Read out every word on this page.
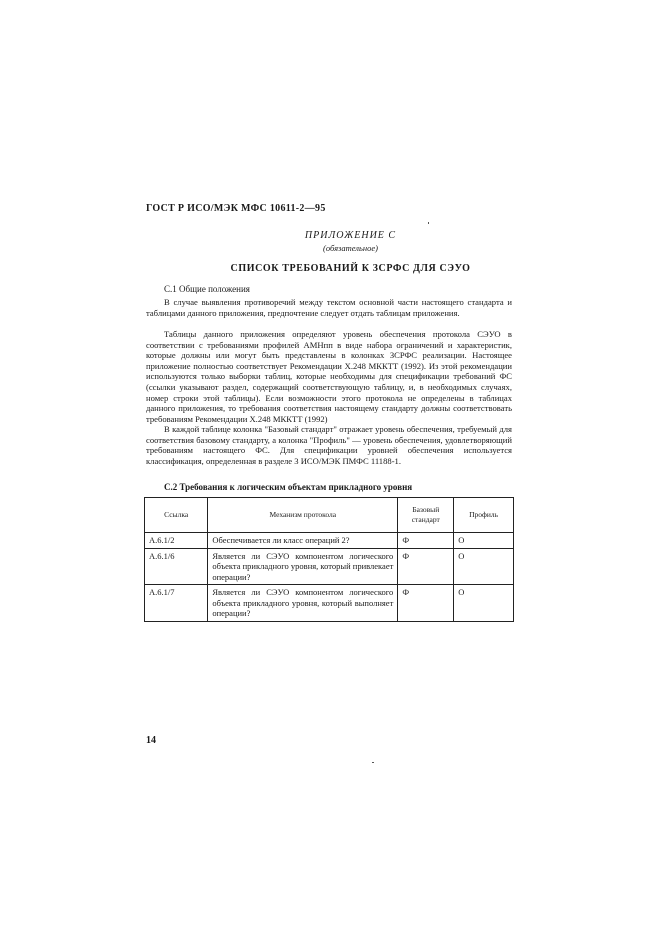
ГОСТ Р ИСО/МЭК МФС 10611-2—95
ПРИЛОЖЕНИЕ С
(обязательное)
СПИСОК ТРЕБОВАНИЙ К ЗСРФС ДЛЯ СЭУО
С.1 Общие положения
В случае выявления противоречий между текстом основной части настоящего стандарта и таблицами данного приложения, предпочтение следует отдать таблицам приложения.
Таблицы данного приложения определяют уровень обеспечения протокола СЭУО в соответствии с требованиями профилей АМНпп в виде набора ограничений и характеристик, которые должны или могут быть представлены в колонках ЗСРФС реализации. Настоящее приложение полностью соответствует Рекомендации Х.248 МККТТ (1992). Из этой рекомендации используются только выборки таблиц, которые необходимы для спецификации требований ФС (ссылки указывают раздел, содержащий соответствующую таблицу, и, в необходимых случаях, номер строки этой таблицы). Если возможности этого протокола не определены в таблицах данного приложения, то требования соответствия настоящему стандарту должны соответствовать требованиям Рекомендации Х.248 МККТТ (1992)
В каждой таблице колонка "Базовый стандарт" отражает уровень обеспечения, требуемый для соответствия базовому стандарту, а колонка "Профиль" — уровень обеспечения, удовлетворяющий требованиям настоящего ФС. Для спецификации уровней обеспечения используется классификация, определенная в разделе 3 ИСО/МЭК ПМФС 11188-1.
С.2 Требования к логическим объектам прикладного уровня
Ссылка	Механизм протокола	Базовый стандарт	Профиль
А.6.1/2	Обеспечивается ли класс операций 2?	Ф	О
А.6.1/6	Является ли СЭУО компонентом логического объекта прикладного уровня, который привлекает операции?	Ф	О
А.6.1/7	Является ли СЭУО компонентом логического объекта прикладного уровня, который выполняет операции?	Ф	О
14
